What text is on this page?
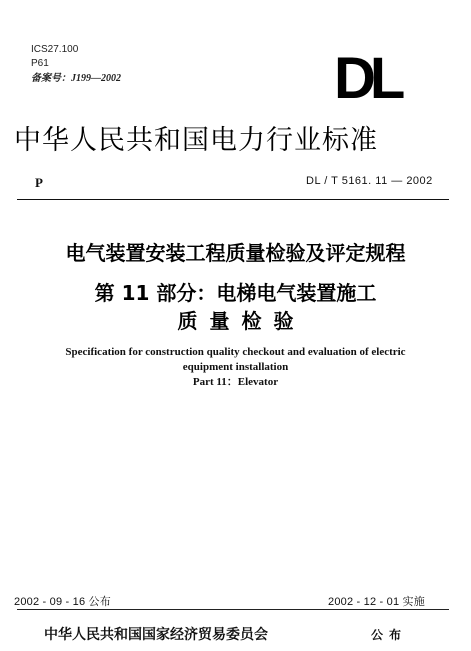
ICS27.100
P61
备案号：J199—2002	DL
中华人民共和国电力行业标准
P	DL / T 5161. 11 — 2002
电气装置安装工程质量检验及评定规程
第 11 部分：电梯电气装置施工
质量检验
Specification for construction quality checkout and evaluation of electric
equipment installation
Part 11：Elevator
2002 - 09 - 16 公布	2002 - 12 - 01 实施
中华人民共和国国家经济贸易委员会	公布
